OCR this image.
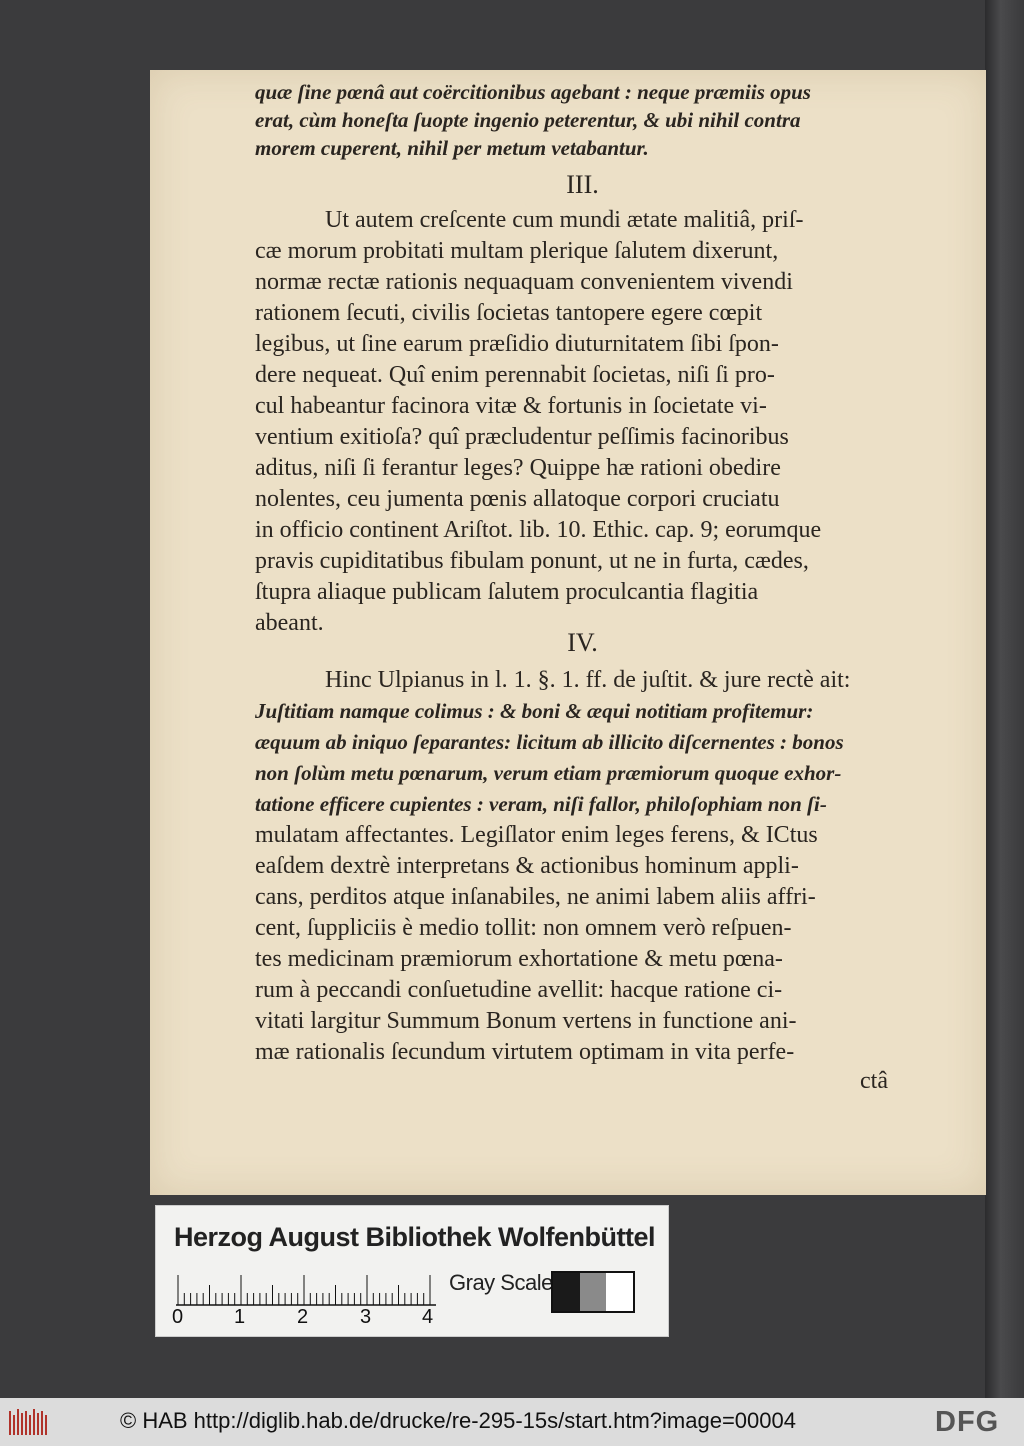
quæ ſine pœnâ aut coërcitionibus agebant : neque præmiis opus
erat, cùm honeſta ſuopte ingenio peterentur, & ubi nihil contra
morem cuperent, nihil per metum vetabantur.
III.
Ut autem creſcente cum mundi ætate malitiâ, priſ-
cæ morum probitati multam plerique ſalutem dixerunt,
normæ rectæ rationis nequaquam convenientem vivendi
rationem ſecuti, civilis ſocietas tantopere egere cœpit
legibus, ut ſine earum præſidio diuturnitatem ſibi ſpon-
dere nequeat. Quî enim perennabit ſocietas, niſi ſi pro-
cul habeantur facinora vitæ & fortunis in ſocietate vi-
ventium exitioſa? quî præcludentur peſſimis facinoribus
aditus, niſi ſi ferantur leges? Quippe hæ rationi obedire
nolentes, ceu jumenta pœnis allatoque corpori cruciatu
in officio continent Ariſtot. lib. 10. Ethic. cap. 9; eorumque
pravis cupiditatibus fibulam ponunt, ut ne in furta, cædes,
ſtupra aliaque publicam ſalutem proculcantia flagitia
abeant.
IV.
Hinc Ulpianus in l. 1. §. 1. ff. de juſtit. & jure rectè ait:
Juſtitiam namque colimus : & boni & æqui notitiam profitemur:
æquum ab iniquo ſeparantes: licitum ab illicito diſcernentes : bonos
non ſolùm metu pœnarum, verum etiam præmiorum quoque exhor-
tatione efficere cupientes : veram, niſi fallor, philoſophiam non ſi-
mulatam affectantes. Legiſlator enim leges ferens, & ICtus
eaſdem dextrè interpretans & actionibus hominum appli-
cans, perditos atque inſanabiles, ne animi labem aliis affri-
cent, ſuppliciis è medio tollit: non omnem verò reſpuen-
tes medicinam præmiorum exhortatione & metu pœna-
rum à peccandi conſuetudine avellit: hacque ratione ci-
vitati largitur Summum Bonum vertens in functione ani-
mæ rationalis ſecundum virtutem optimam in vita perfe-
ctâ
Herzog August Bibliothek Wolfenbüttel
0	1	2	3	4
Gray Scale
© HAB http://diglib.hab.de/drucke/re-295-15s/start.htm?image=00004	DFG
